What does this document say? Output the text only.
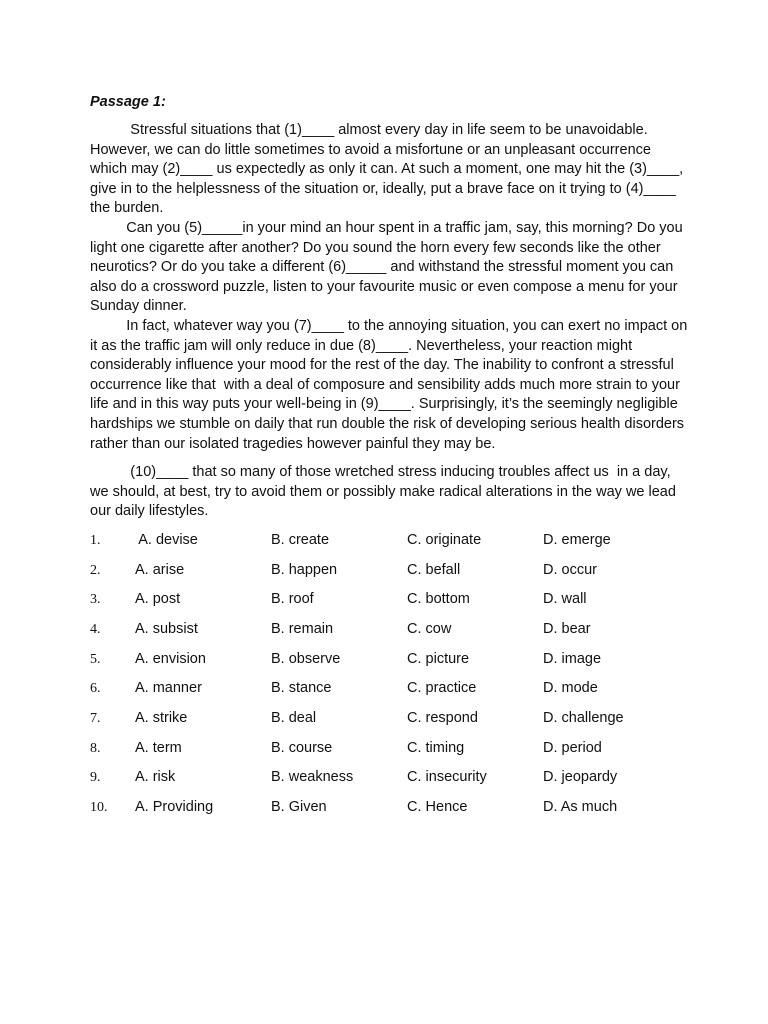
Passage 1:

Stressful situations that (1)____ almost every day in life seem to be unavoidable. However, we can do little sometimes to avoid a misfortune or an unpleasant occurrence which may (2)____ us expectedly as only it can. At such a moment, one may hit the (3)____, give in to the helplessness of the situation or, ideally, put a brave face on it trying to (4)____ the burden.

Can you (5)_____in your mind an hour spent in a traffic jam, say, this morning? Do you light one cigarette after another? Do you sound the horn every few seconds like the other neurotics? Or do you take a different (6)_____ and withstand the stressful moment you can also do a crossword puzzle, listen to your favourite music or even compose a menu for your Sunday dinner.

In fact, whatever way you (7)____ to the annoying situation, you can exert no impact on it as the traffic jam will only reduce in due (8)____. Nevertheless, your reaction might considerably influence your mood for the rest of the day. The inability to confront a stressful occurrence like that  with a deal of composure and sensibility adds much more strain to your life and in this way puts your well-being in (9)____. Surprisingly, it’s the seemingly negligible hardships we stumble on daily that run double the risk of developing serious health disorders rather than our isolated tragedies however painful they may be.

(10)____ that so many of those wretched stress inducing troubles affect us  in a day, we should, at best, try to avoid them or possibly make radical alterations in the way we lead our daily lifestyles.

1.	A. devise	B. create	C. originate	D. emerge
2.	A. arise	B. happen	C. befall	D. occur
3.	A. post	B. roof	C. bottom	D. wall
4.	A. subsist	B. remain	C. cow	D. bear
5.	A. envision	B. observe	C. picture	D. image
6.	A. manner	B. stance	C. practice	D. mode
7.	A. strike	B. deal	C. respond	D. challenge
8.	A. term	B. course	C. timing	D. period
9.	A. risk	B. weakness	C. insecurity	D. jeopardy
10.	A. Providing	B. Given	C. Hence	D. As much
